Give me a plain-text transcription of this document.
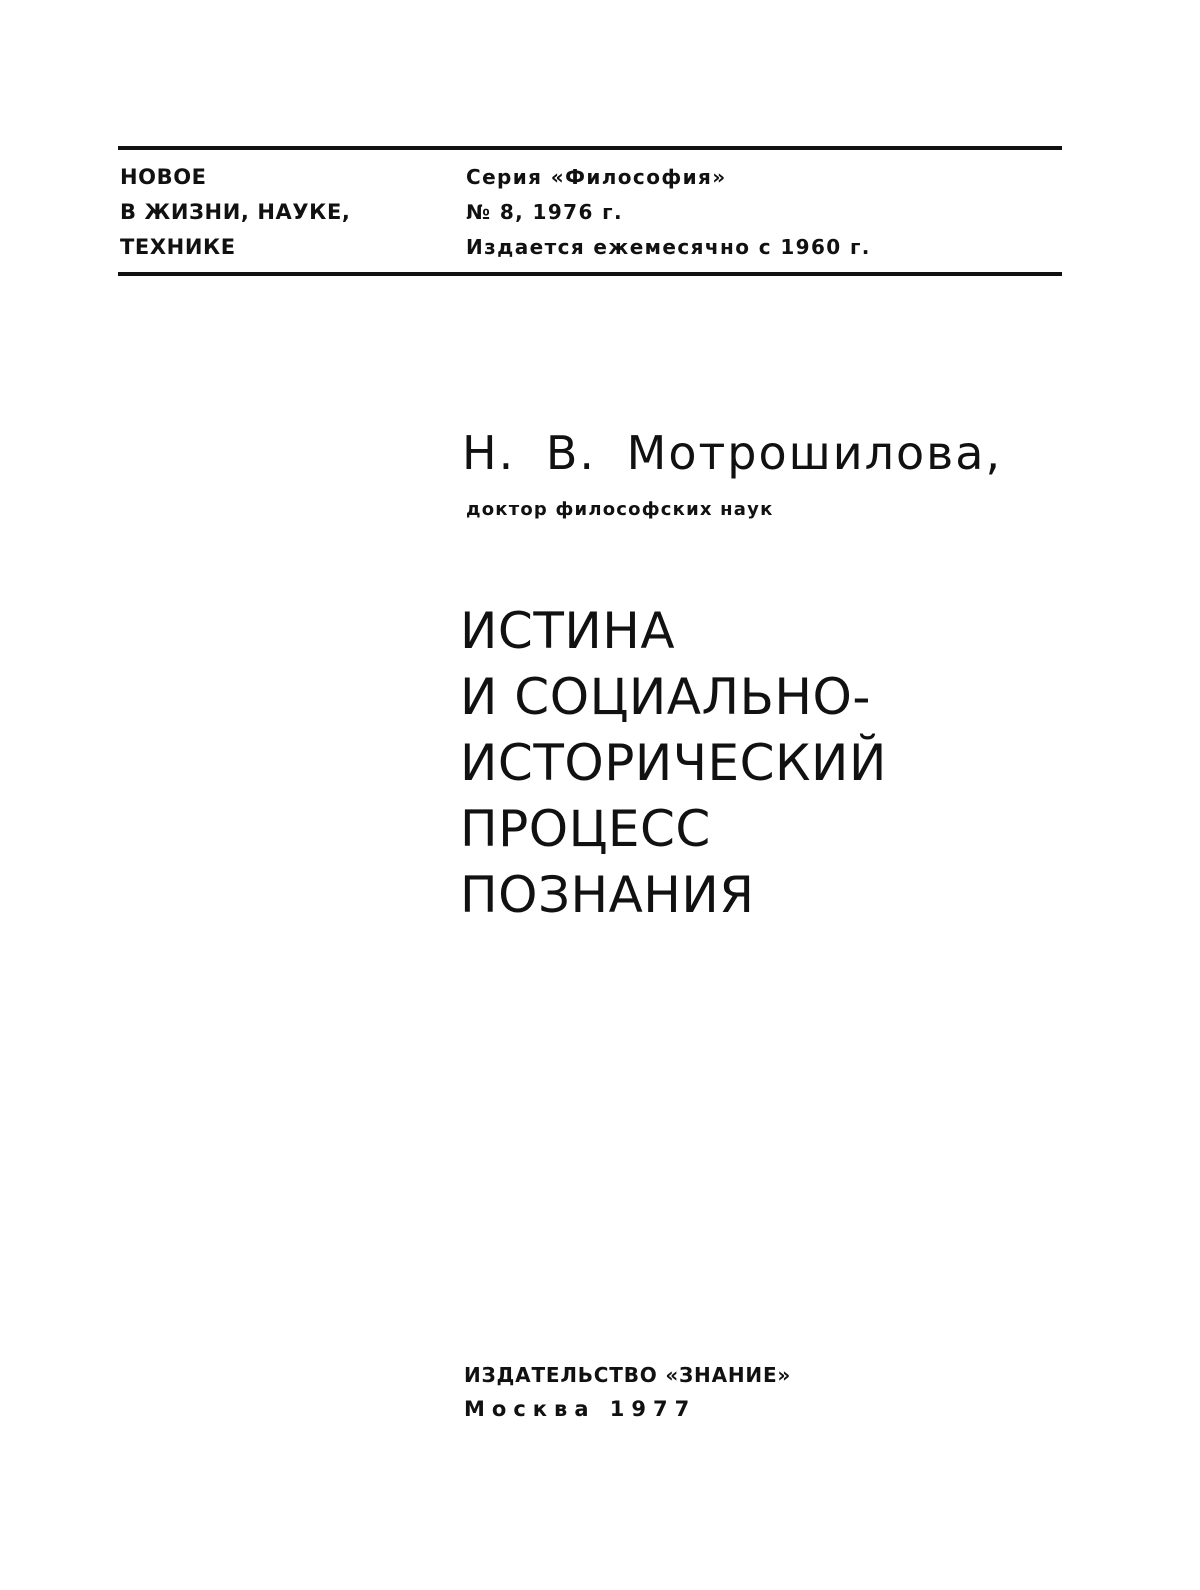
НОВОЕ
В ЖИЗНИ, НАУКЕ,
ТЕХНИКЕ
Серия «Философия»
№ 8, 1976 г.
Издается ежемесячно с 1960 г.
Н. В. Мотрошилова,
доктор философских наук
ИСТИНА
И СОЦИАЛЬНО-
ИСТОРИЧЕСКИЙ
ПРОЦЕСС
ПОЗНАНИЯ
ИЗДАТЕЛЬСТВО «ЗНАНИЕ»
Москва 1977
